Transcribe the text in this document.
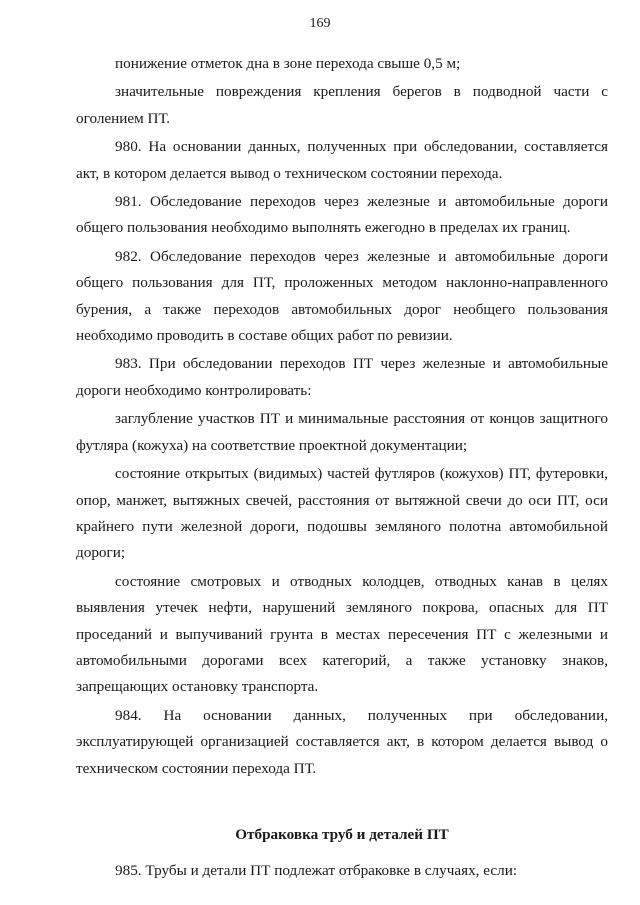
169

понижение отметок дна в зоне перехода свыше 0,5 м;

значительные повреждения крепления берегов в подводной части с оголением ПТ.

980. На основании данных, полученных при обследовании, составляется акт, в котором делается вывод о техническом состоянии перехода.

981. Обследование переходов через железные и автомобильные дороги общего пользования необходимо выполнять ежегодно в пределах их границ.

982. Обследование переходов через железные и автомобильные дороги общего пользования для ПТ, проложенных методом наклонно-направленного бурения, а также переходов автомобильных дорог необщего пользования необходимо проводить в составе общих работ по ревизии.

983. При обследовании переходов ПТ через железные и автомобильные дороги необходимо контролировать:

заглубление участков ПТ и минимальные расстояния от концов защитного футляра (кожуха) на соответствие проектной документации;

состояние открытых (видимых) частей футляров (кожухов) ПТ, футеровки, опор, манжет, вытяжных свечей, расстояния от вытяжной свечи до оси ПТ, оси крайнего пути железной дороги, подошвы земляного полотна автомобильной дороги;

состояние смотровых и отводных колодцев, отводных канав в целях выявления утечек нефти, нарушений земляного покрова, опасных для ПТ проседаний и выпучиваний грунта в местах пересечения ПТ с железными и автомобильными дорогами всех категорий, а также установку знаков, запрещающих остановку транспорта.

984. На основании данных, полученных при обследовании, эксплуатирующей организацией составляется акт, в котором делается вывод о техническом состоянии перехода ПТ.

Отбраковка труб и деталей ПТ

985. Трубы и детали ПТ подлежат отбраковке в случаях, если:
